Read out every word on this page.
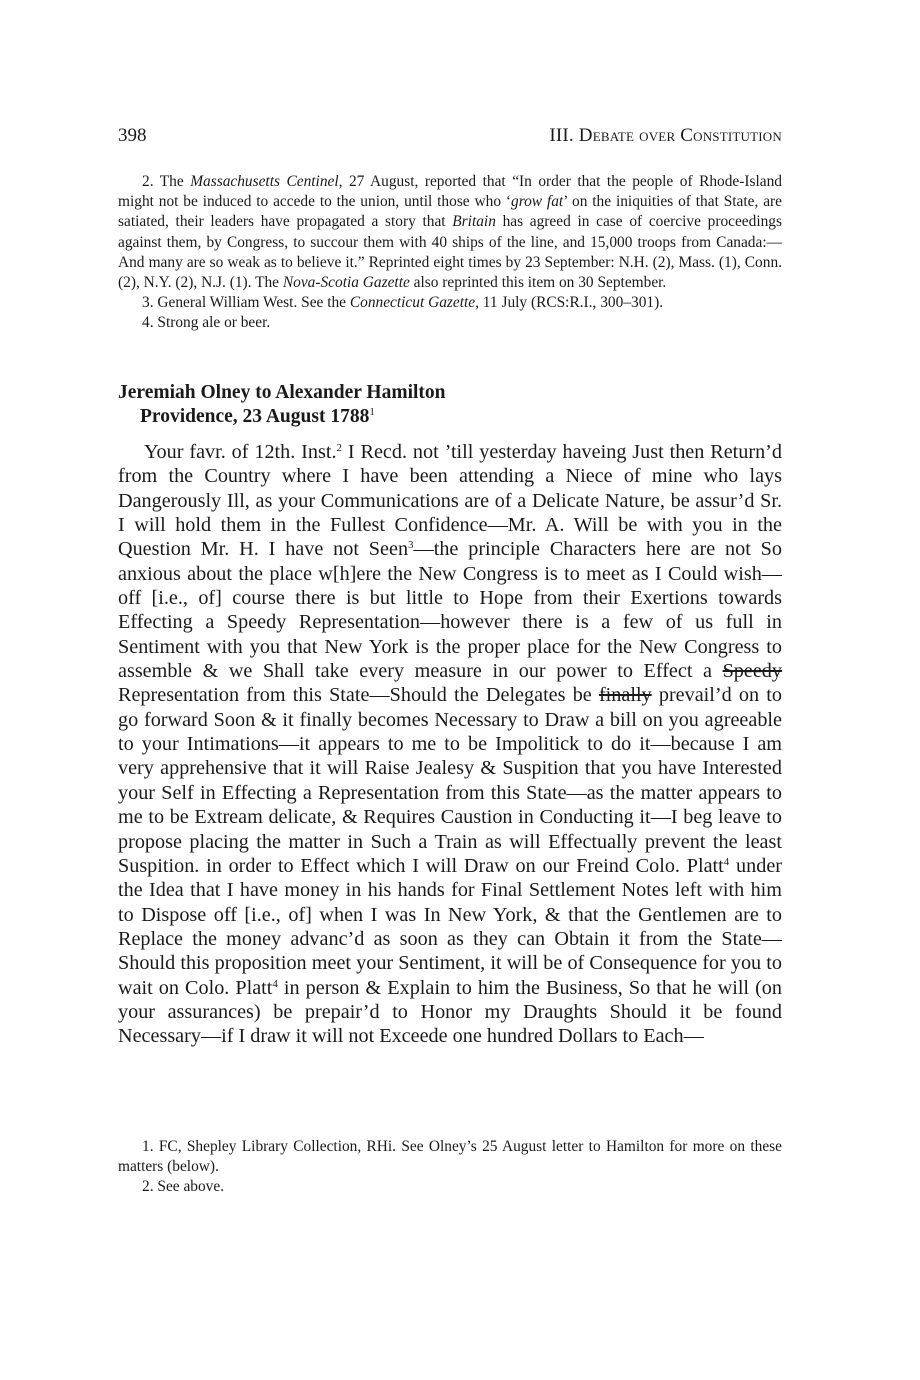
398	III. Debate over Constitution

2. The Massachusetts Centinel, 27 August, reported that “In order that the people of Rhode-Island might not be induced to accede to the union, until those who ‘grow fat’ on the iniquities of that State, are satiated, their leaders have propagated a story that Britain has agreed in case of coercive proceedings against them, by Congress, to succour them with 40 ships of the line, and 15,000 troops from Canada:—And many are so weak as to believe it.” Reprinted eight times by 23 September: N.H. (2), Mass. (1), Conn. (2), N.Y. (2), N.J. (1). The Nova-Scotia Gazette also reprinted this item on 30 September.

3. General William West. See the Connecticut Gazette, 11 July (RCS:R.I., 300–301).

4. Strong ale or beer.

Jeremiah Olney to Alexander Hamilton
Providence, 23 August 1788$^1$

Your favr. of 12th. Inst.$^2$ I Recd. not ’till yesterday haveing Just then Return’d from the Country where I have been attending a Niece of mine who lays Dangerously Ill, as your Communications are of a Delicate Nature, be assur’d Sr. I will hold them in the Fullest Confidence—Mr. A. Will be with you in the Question Mr. H. I have not Seen$^3$—the principle Characters here are not So anxious about the place w[h]ere the New Congress is to meet as I Could wish—off [i.e., of] course there is but little to Hope from their Exertions towards Effecting a Speedy Representation—however there is a few of us full in Sentiment with you that New York is the proper place for the New Congress to assemble & we Shall take every measure in our power to Effect a Speedy Representation from this State—Should the Delegates be finally prevail’d on to go forward Soon & it finally becomes Necessary to Draw a bill on you agreeable to your Intimations—it appears to me to be Impolitick to do it—because I am very apprehensive that it will Raise Jealesy & Suspition that you have Interested your Self in Effecting a Representation from this State—as the matter appears to me to be Extream delicate, & Requires Caustion in Conducting it—I beg leave to propose placing the matter in Such a Train as will Effectually prevent the least Suspition. in order to Effect which I will Draw on our Freind Colo. Platt$^4$ under the Idea that I have money in his hands for Final Settlement Notes left with him to Dispose off [i.e., of] when I was In New York, & that the Gentlemen are to Replace the money advanc’d as soon as they can Obtain it from the State—Should this proposition meet your Sentiment, it will be of Consequence for you to wait on Colo. Platt$^4$ in person & Explain to him the Business, So that he will (on your assurances) be prepair’d to Honor my Draughts Should it be found Necessary—if I draw it will not Exceede one hundred Dollars to Each—

1. FC, Shepley Library Collection, RHi. See Olney’s 25 August letter to Hamilton for more on these matters (below).

2. See above.
